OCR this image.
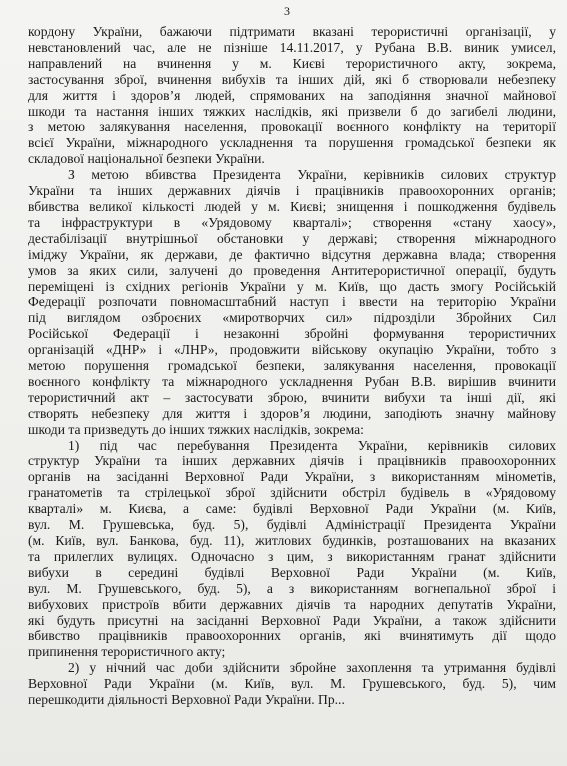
3
кордону України, бажаючи підтримати вказані терористичні організації, у
невстановлений час, але не пізніше 14.11.2017, у Рубана В.В. виник умисел,
направлений на вчинення у м. Києві терористичного акту, зокрема,
застосування зброї, вчинення вибухів та інших дій, які б створювали небезпеку
для життя і здоров’я людей, спрямованих на заподіяння значної майнової
шкоди та настання інших тяжких наслідків, які призвели б до загибелі людини,
з метою залякування населення, провокації воєнного конфлікту на території
всієї України, міжнародного ускладнення та порушення громадської безпеки як
складової національної безпеки України.
З метою вбивства Президента України, керівників силових структур
України та інших державних діячів і працівників правоохоронних органів;
вбивства великої кількості людей у м. Києві; знищення і пошкодження будівель
та інфраструктури в «Урядовому кварталі»; створення «стану хаосу»,
дестабілізації внутрішньої обстановки у державі; створення міжнародного
іміджу України, як держави, де фактично відсутня державна влада; створення
умов за яких сили, залучені до проведення Антитерористичної операції, будуть
переміщені із східних регіонів України у м. Київ, що дасть змогу Російській
Федерації розпочати повномасштабний наступ і ввести на територію України
під виглядом озброєних «миротворчих сил» підрозділи Збройних Сил
Російської Федерації і незаконні збройні формування терористичних
організацій «ДНР» і «ЛНР», продовжити військову окупацію України, тобто з
метою порушення громадської безпеки, залякування населення, провокації
воєнного конфлікту та міжнародного ускладнення Рубан В.В. вирішив вчинити
терористичний акт – застосувати зброю, вчинити вибухи та інші дії, які
створять небезпеку для життя і здоров’я людини, заподіють значну майнову
шкоди та призведуть до інших тяжких наслідків, зокрема:
1) під час перебування Президента України, керівників силових
структур України та інших державних діячів і працівників правоохоронних
органів на засіданні Верховної Ради України, з використанням мінометів,
гранатометів та стрілецької зброї здійснити обстріл будівель в «Урядовому
кварталі» м. Києва, а саме: будівлі Верховної Ради України (м. Київ,
вул. М. Грушевська, буд. 5), будівлі Адміністрації Президента України
(м. Київ, вул. Банкова, буд. 11), житлових будинків, розташованих на вказаних
та прилеглих вулицях. Одночасно з цим, з використанням гранат здійснити
вибухи в середині будівлі Верховної Ради України (м. Київ,
вул. М. Грушевського, буд. 5), а з використанням вогнепальної зброї і
вибухових пристроїв вбити державних діячів та народних депутатів України,
які будуть присутні на засіданні Верховної Ради України, а також здійснити
вбивство працівників правоохоронних органів, які вчинятимуть дії щодо
припинення терористичного акту;
2) у нічний час доби здійснити збройне захоплення та утримання будівлі
Верховної Ради України (м. Київ, вул. М. Грушевського, буд. 5), чим
перешкодити діяльності Верховної Ради України. Пр...
